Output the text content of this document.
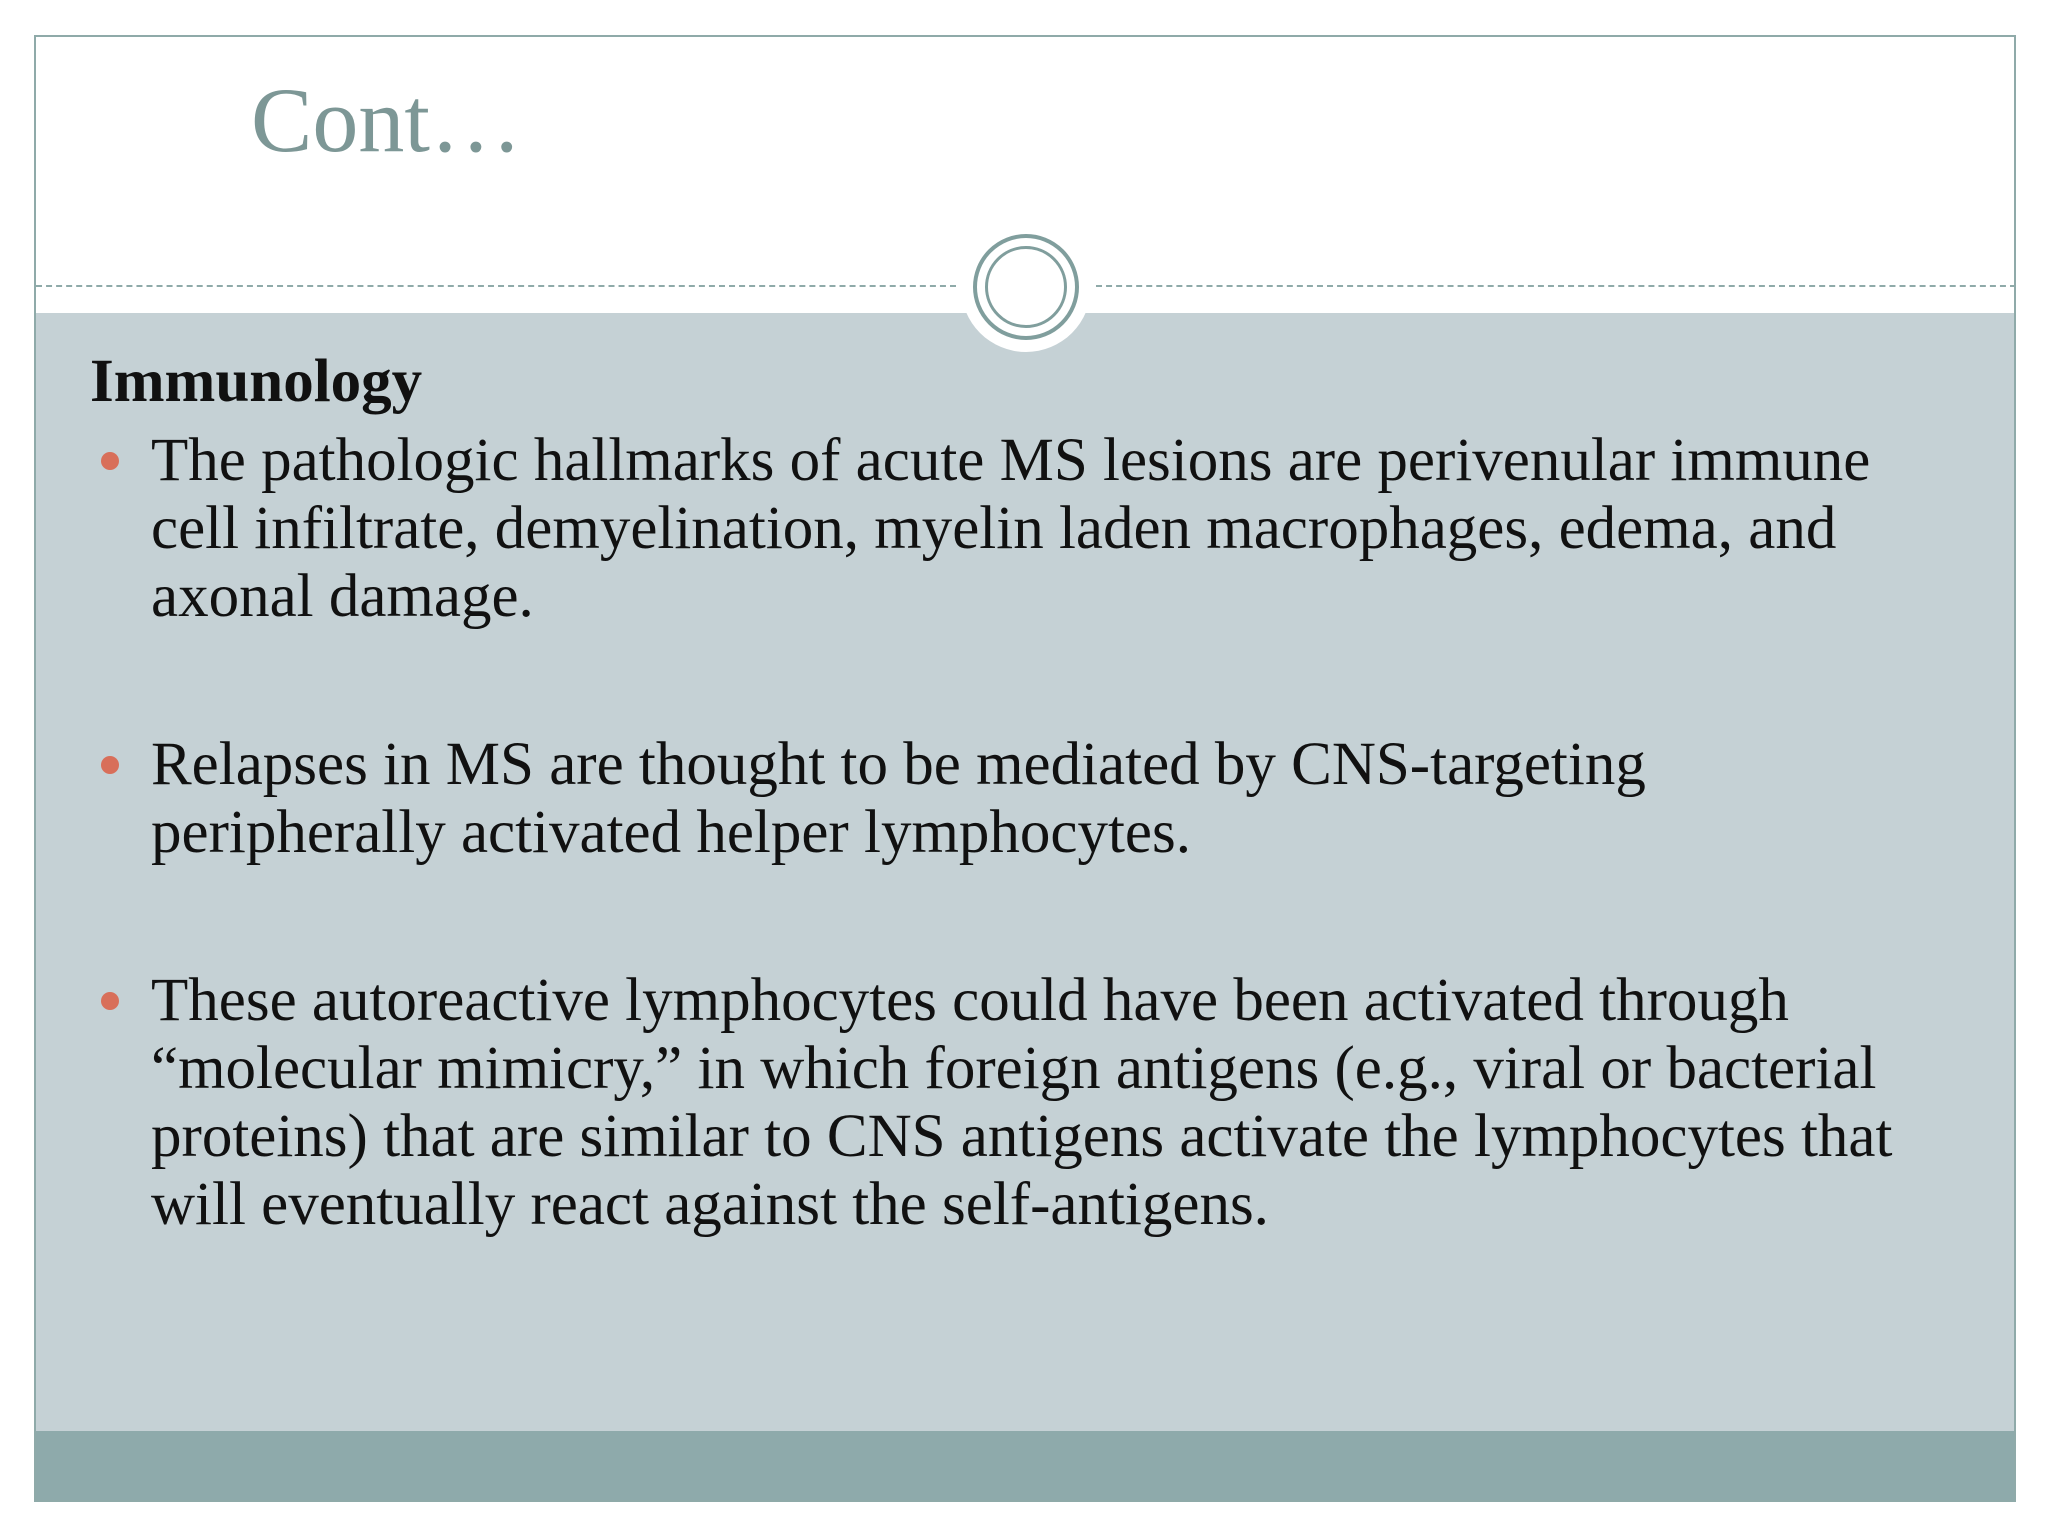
Cont…
Immunology
The pathologic hallmarks of acute MS lesions are perivenular immune cell infiltrate, demyelination, myelin laden macrophages, edema, and axonal damage.
Relapses in MS are thought to be mediated by CNS-targeting peripherally activated helper lymphocytes.
These autoreactive lymphocytes could have been activated through “molecular mimicry,” in which foreign antigens (e.g., viral or bacterial proteins) that are similar to CNS antigens activate the lymphocytes that will eventually react against the self-antigens.
